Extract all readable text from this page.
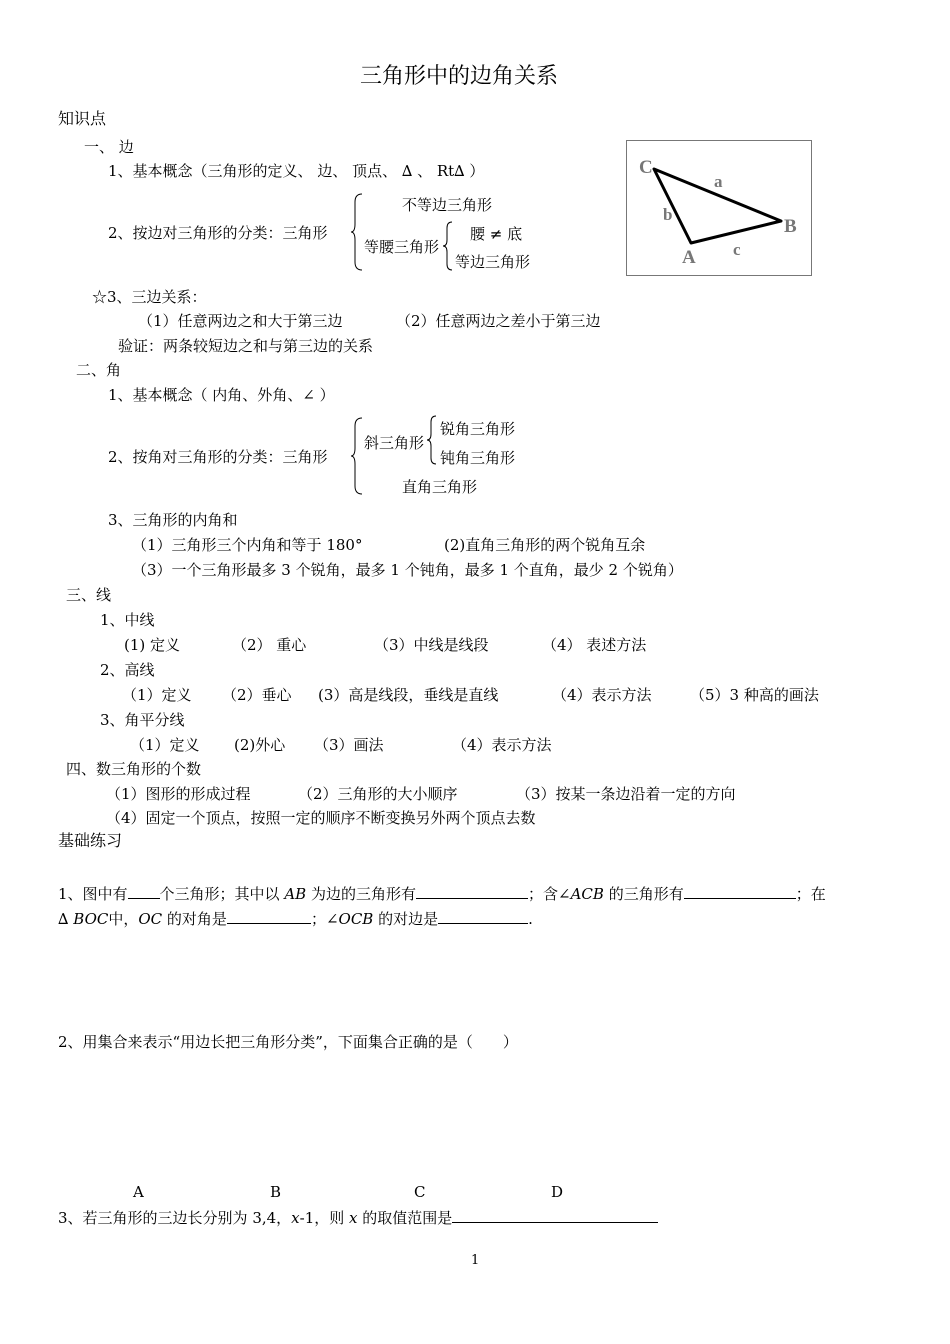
三角形中的边角关系
知识点
一、 边
1、基本概念（三角形的定义、 边、 顶点、 ∆ 、 Rt∆ ）
2、按边对三角形的分类：三角形
不等边三角形
等腰三角形
腰 ≠ 底
等边三角形
☆3、三边关系：
（1）任意两边之和大于第三边	（2）任意两边之差小于第三边
验证：两条较短边之和与第三边的关系
二、角
1、基本概念（ 内角、外角、∠ ）
2、按角对三角形的分类：三角形
斜三角形
锐角三角形
钝角三角形
直角三角形
3、三角形的内角和
（1）三角形三个内角和等于 180°	(2)直角三角形的两个锐角互余
（3）一个三角形最多 3 个锐角，最多 1 个钝角，最多 1 个直角，最少 2 个锐角）
三、线
1、中线
(1) 定义	（2） 重心	（3）中线是线段	（4） 表述方法
2、高线
（1）定义 （2）垂心 (3）高是线段，垂线是直线	（4）表示方法	（5）3 种高的画法
3、角平分线
（1）定义 (2)外心 （3）画法	（4）表示方法
四、数三角形的个数
（1）图形的形成过程	（2）三角形的大小顺序	（3）按某一条边沿着一定的方向
（4）固定一个顶点，按照一定的顺序不断变换另外两个顶点去数
C
B
A
a
b
c
基础练习
1、图中有 个三角形；其中以 AB 为边的三角形有	；含∠ACB 的三角形有	；在
∆ BOC中，OC 的对角是	；∠OCB 的对边是	.
2、用集合来表示“用边长把三角形分类”，下面集合正确的是（　　）
A	B	C	D
3、若三角形的三边长分别为 3,4，x-1，则 x 的取值范围是
1
